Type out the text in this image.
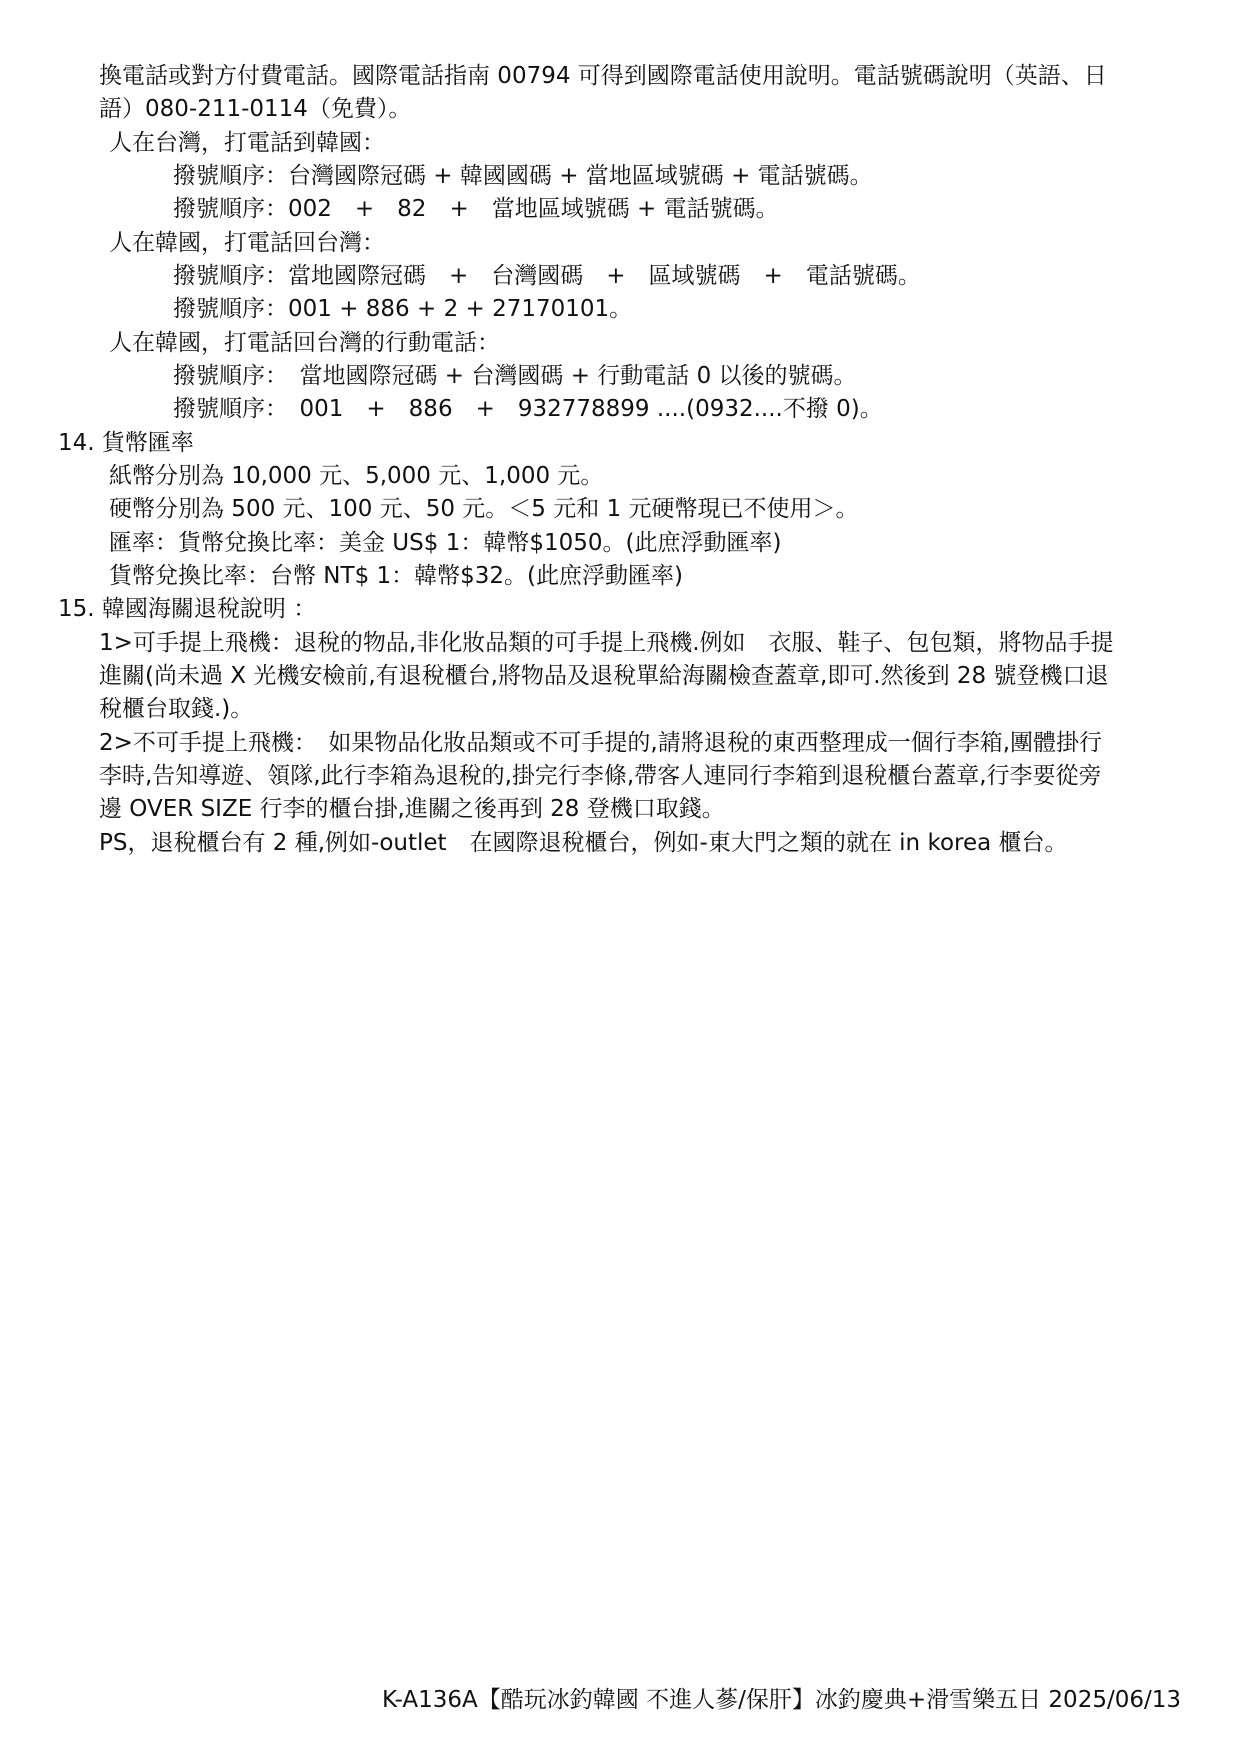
換電話或對方付費電話。國際電話指南 00794 可得到國際電話使用說明。電話號碼說明（英語、日
語）080-211-0114（免費）。
人在台灣，打電話到韓國：
撥號順序：台灣國際冠碼 + 韓國國碼 + 當地區域號碼 + 電話號碼。
撥號順序：002　+　82　+　當地區域號碼 + 電話號碼。
人在韓國，打電話回台灣：
撥號順序：當地國際冠碼　+　台灣國碼　+　區域號碼　+　電話號碼。
撥號順序：001 + 886 + 2 + 27170101。
人在韓國，打電話回台灣的行動電話：
撥號順序：　當地國際冠碼 + 台灣國碼 + 行動電話 0 以後的號碼。
撥號順序：　001　+　886　+　932778899 ....(0932....不撥 0)。
14. 貨幣匯率
紙幣分別為 10,000 元、5,000 元、1,000 元。
硬幣分別為 500 元、100 元、50 元。＜5 元和 1 元硬幣現已不使用＞。
匯率：貨幣兌換比率：美金 US$ 1：韓幣$1050。(此庶浮動匯率)
貨幣兌換比率：台幣 NT$ 1：韓幣$32。(此庶浮動匯率)
15. 韓國海關退稅說明 ：
1>可手提上飛機：退稅的物品,非化妝品類的可手提上飛機.例如　衣服、鞋子、包包類，將物品手提
進關(尚未過 X 光機安檢前,有退稅櫃台,將物品及退稅單給海關檢查蓋章,即可.然後到 28 號登機口退
稅櫃台取錢.)。
2>不可手提上飛機：　如果物品化妝品類或不可手提的,請將退稅的東西整理成一個行李箱,團體掛行
李時,告知導遊、領隊,此行李箱為退稅的,掛完行李條,帶客人連同行李箱到退稅櫃台蓋章,行李要從旁
邊 OVER SIZE 行李的櫃台掛,進關之後再到 28 登機口取錢。
PS，退稅櫃台有 2 種,例如-outlet　在國際退稅櫃台，例如-東大門之類的就在 in korea 櫃台。
K-A136A【酷玩冰釣韓國 不進人蔘/保肝】冰釣慶典+滑雪樂五日 2025/06/13
